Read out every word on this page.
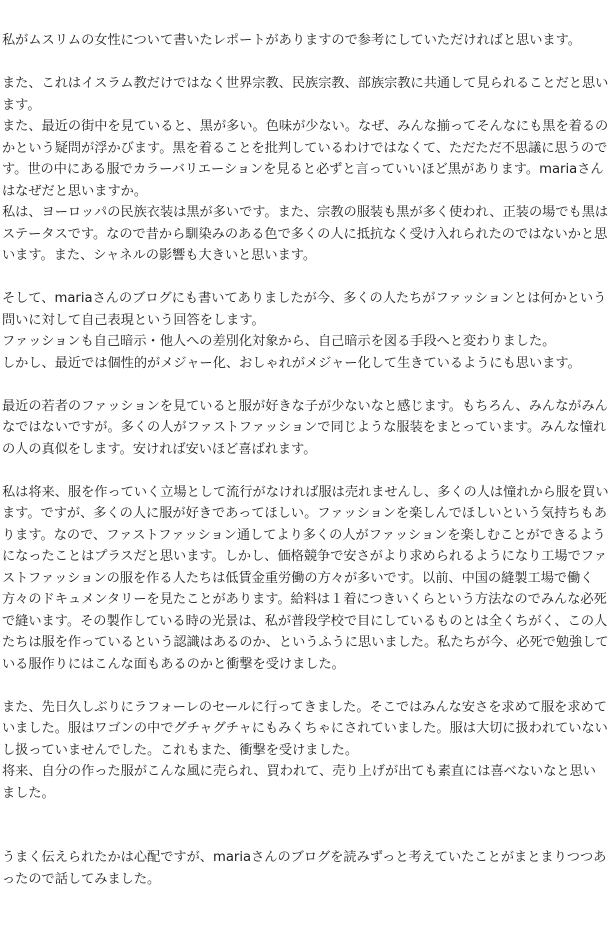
私がムスリムの女性について書いたレポートがありますので参考にしていただければと思います。

また、これはイスラム教だけではなく世界宗教、民族宗教、部族宗教に共通して見られることだと思います。
また、最近の街中を見ていると、黒が多い。色味が少ない。なぜ、みんな揃ってそんなにも黒を着るのかという疑問が浮かびます。黒を着ることを批判しているわけではなくて、ただただ不思議に思うのです。世の中にある服でカラーバリエーションを見ると必ずと言っていいほど黒があります。mariaさんはなぜだと思いますか。
私は、ヨーロッパの民族衣装は黒が多いです。また、宗教の服装も黒が多く使われ、正装の場でも黒はステータスです。なので昔から馴染みのある色で多くの人に抵抗なく受け入れられたのではないかと思います。また、シャネルの影響も大きいと思います。

そして、mariaさんのブログにも書いてありましたが今、多くの人たちがファッションとは何かという問いに対して自己表現という回答をします。
ファッションも自己暗示・他人への差別化対象から、自己暗示を図る手段へと変わりました。
しかし、最近では個性的がメジャー化、おしゃれがメジャー化して生きているようにも思います。

最近の若者のファッションを見ていると服が好きな子が少ないなと感じます。もちろん、みんながみんなではないですが。多くの人がファストファッションで同じような服装をまとっています。みんな憧れの人の真似をします。安ければ安いほど喜ばれます。

私は将来、服を作っていく立場として流行がなければ服は売れませんし、多くの人は憧れから服を買います。ですが、多くの人に服が好きであってほしい。ファッションを楽しんでほしいという気持ちもあります。なので、ファストファッション通してより多くの人がファッションを楽しむことができるようになったことはプラスだと思います。しかし、価格競争で安さがより求められるようになり工場でファストファッションの服を作る人たちは低賃金重労働の方々が多いです。以前、中国の縫製工場で働く方々のドキュメンタリーを見たことがあります。給料は１着につきいくらという方法なのでみんな必死で縫います。その製作している時の光景は、私が普段学校で目にしているものとは全くちがく、この人たちは服を作っているという認識はあるのか、というふうに思いました。私たちが今、必死で勉強している服作りにはこんな面もあるのかと衝撃を受けました。

また、先日久しぶりにラフォーレのセールに行ってきました。そこではみんな安さを求めて服を求めていました。服はワゴンの中でグチャグチャにもみくちゃにされていました。服は大切に扱われていないし扱っていませんでした。これもまた、衝撃を受けました。
将来、自分の作った服がこんな風に売られ、買われて、売り上げが出ても素直には喜べないなと思いました。

うまく伝えられたかは心配ですが、mariaさんのブログを読みずっと考えていたことがまとまりつつあったので話してみました。
